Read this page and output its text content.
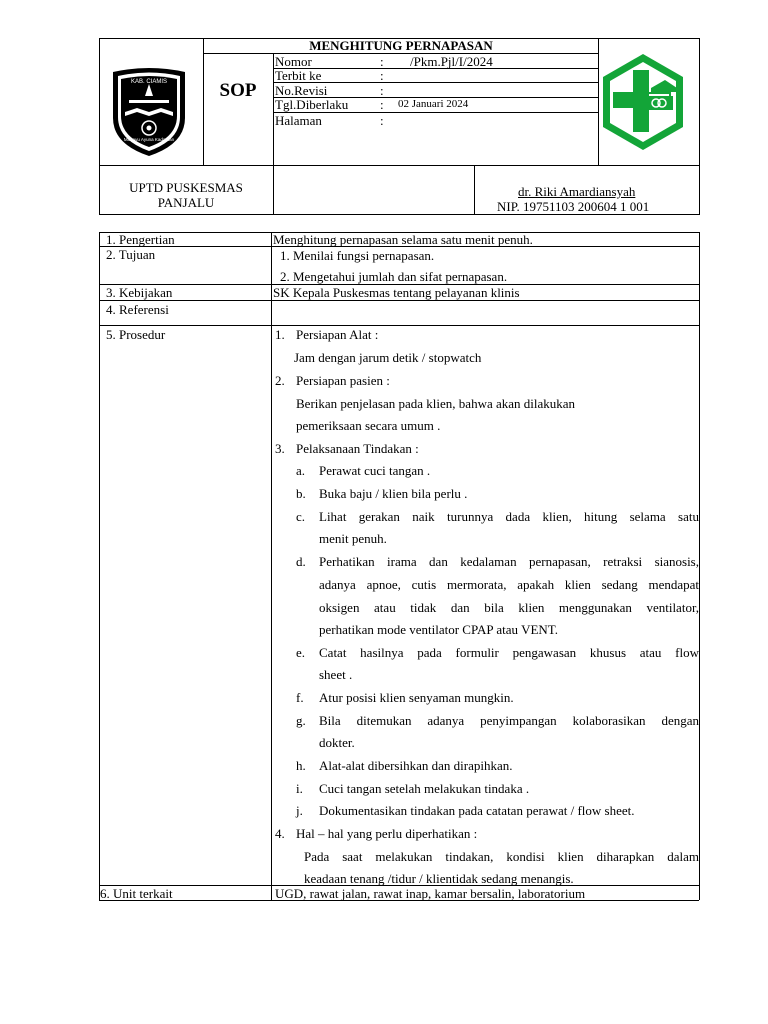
KAB. CIAMIS
Mahayu Ayuna Kadatuan
SOP
MENGHITUNG PERNAPASAN
Nomor	: /Pkm.Pjl/I/2024
Terbit ke	:
No.Revisi	:
Tgl.Diberlaku : 02 Januari 2024
Halaman	:
UPTD PUSKESMAS
PANJALU
dr. Riki Amardiansyah
NIP. 19751103 200604 1 001
1. Pengertian	Menghitung pernapasan selama satu menit penuh.
2. Tujuan	1. Menilai fungsi pernapasan.
2. Mengetahui jumlah dan sifat pernapasan.
3. Kebijakan	SK Kepala Puskesmas tentang pelayanan klinis
4. Referensi
5. Prosedur	1. Persiapan Alat :
Jam dengan jarum detik / stopwatch
2. Persiapan pasien :
Berikan penjelasan pada klien, bahwa akan dilakukan
pemeriksaan secara umum .
3. Pelaksanaan Tindakan :
a. Perawat cuci tangan .
b. Buka baju / klien bila perlu .
c. Lihat gerakan naik turunnya dada klien, hitung selama satu
menit penuh.
d. Perhatikan irama dan kedalaman pernapasan, retraksi sianosis,
adanya apnoe, cutis mermorata, apakah klien sedang mendapat
oksigen atau tidak dan bila klien menggunakan ventilator,
perhatikan mode ventilator CPAP atau VENT.
e. Catat hasilnya pada formulir pengawasan khusus atau flow
sheet .
f. Atur posisi klien senyaman mungkin.
g. Bila ditemukan adanya penyimpangan kolaborasikan dengan
dokter.
h. Alat-alat dibersihkan dan dirapihkan.
i. Cuci tangan setelah melakukan tindaka .
j. Dokumentasikan tindakan pada catatan perawat / flow sheet.
4. Hal – hal yang perlu diperhatikan :
Pada saat melakukan tindakan, kondisi klien diharapkan dalam
keadaan tenang /tidur / klientidak sedang menangis.
6. Unit terkait	UGD, rawat jalan, rawat inap, kamar bersalin, laboratorium
